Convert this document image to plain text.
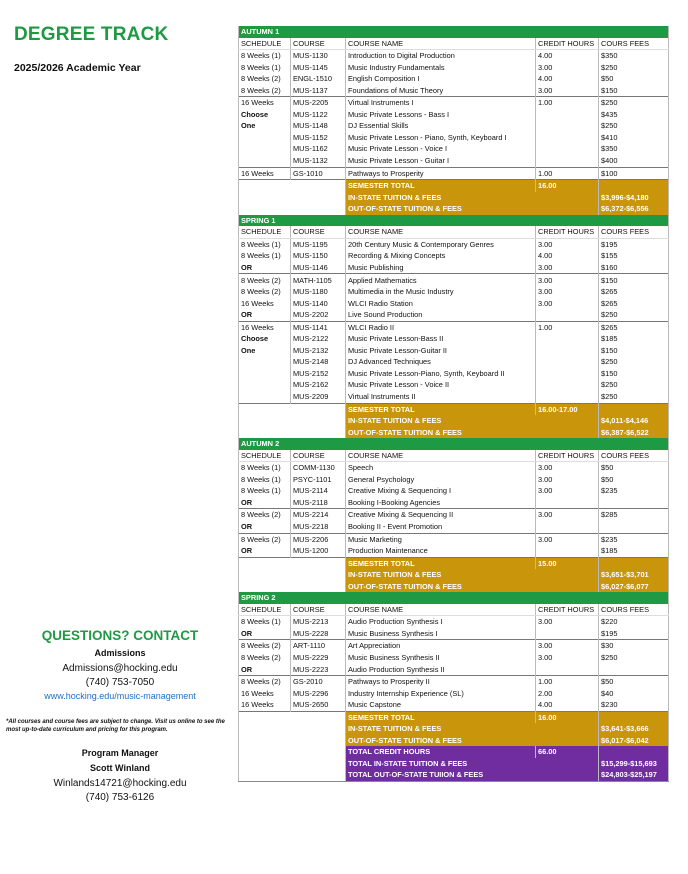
DEGREE TRACK
2025/2026 Academic Year
QUESTIONS? CONTACT
Admissions
Admissions@hocking.edu
(740) 753-7050
www.hocking.edu/music-management
*All courses and course fees are subject to change. Visit us online to see the most up-to-date curriculum and pricing for this program.
Program Manager
Scott Winland
Winlands14721@hocking.edu
(740) 753-6126
AUTUMN 1				
SCHEDULE	COURSE	COURSE NAME	CREDIT HOURS	COURS FEES
8 Weeks (1)	MUS-1130	Introduction to Digital Production	4.00	$350
8 Weeks (1)	MUS-1145	Music Industry Fundamentals	3.00	$250
8 Weeks (2)	ENGL-1510	English Composition I	4.00	$50
8 Weeks (2)	MUS-1137	Foundations of Music Theory	3.00	$150
16 Weeks	MUS-2205	Virtual Instruments I	1.00	$250
Choose	MUS-1122	Music Private Lessons - Bass I		$435
One	MUS-1148	DJ Essential Skills		$250
	MUS-1152	Music Private Lesson - Piano, Synth, Keyboard I		$410
	MUS-1162	Music Private Lesson - Voice I		$350
	MUS-1132	Music Private Lesson - Guitar I		$400
16 Weeks	GS-1010	Pathways to Prosperity	1.00	$100
		SEMESTER TOTAL	16.00	
		IN-STATE TUITION & FEES		$3,996-$4,180
		OUT-OF-STATE TUITION & FEES		$6,372-$6,556
SPRING 1				
SCHEDULE	COURSE	COURSE NAME	CREDIT HOURS	COURS FEES
8 Weeks (1)	MUS-1195	20th Century Music & Contemporary Genres	3.00	$195
8 Weeks (1)	MUS-1150	Recording & Mixing Concepts	4.00	$155
OR	MUS-1146	Music Publishing	3.00	$160
8 Weeks (2)	MATH-1105	Applied Mathematics	3.00	$150
8 Weeks (2)	MUS-1180	Multimedia in the Music Industry	3.00	$265
16 Weeks	MUS-1140	WLCI Radio Station	3.00	$265
OR	MUS-2202	Live Sound Production		$250
16 Weeks	MUS-1141	WLCI Radio II	1.00	$265
Choose	MUS-2122	Music Private Lesson-Bass II		$185
One	MUS-2132	Music Private Lesson-Guitar II		$150
	MUS-2148	DJ Advanced Techniques		$250
	MUS-2152	Music Private Lesson-Piano, Synth, Keyboard II		$150
	MUS-2162	Music Private Lesson - Voice II		$250
	MUS-2209	Virtual Instruments II		$250
		SEMESTER TOTAL	16.00-17.00	
		IN-STATE TUITION & FEES		$4,011-$4,146
		OUT-OF-STATE TUITION & FEES		$6,387-$6,522
AUTUMN 2				
SCHEDULE	COURSE	COURSE NAME	CREDIT HOURS	COURS FEES
8 Weeks (1)	COMM-1130	Speech	3.00	$50
8 Weeks (1)	PSYC-1101	General Psychology	3.00	$50
8 Weeks (1)	MUS-2114	Creative Mixing & Sequencing I	3.00	$235
OR	MUS-2118	Booking I-Booking Agencies		
8 Weeks (2)	MUS-2214	Creative Mixing & Sequencing II	3.00	$285
OR	MUS-2218	Booking II - Event Promotion		
8 Weeks (2)	MUS-2206	Music Marketing	3.00	$235
OR	MUS-1200	Production Maintenance		$185
		SEMESTER TOTAL	15.00	
		IN-STATE TUITION & FEES		$3,651-$3,701
		OUT-OF-STATE TUITION & FEES		$6,027-$6,077
SPRING 2				
SCHEDULE	COURSE	COURSE NAME	CREDIT HOURS	COURS FEES
8 Weeks (1)	MUS-2213	Audio Production Synthesis I	3.00	$220
OR	MUS-2228	Music Business Synthesis I		$195
8 Weeks (2)	ART-1110	Art Appreciation	3.00	$30
8 Weeks (2)	MUS-2229	Music Business Synthesis II	3.00	$250
OR	MUS-2223	Audio Production Synthesis II		
8 Weeks (2)	GS-2010	Pathways to Prosperity II	1.00	$50
16 Weeks	MUS-2296	Industry Internship Experience (SL)	2.00	$40
16 Weeks	MUS-2650	Music Capstone	4.00	$230
		SEMESTER TOTAL	16.00	
		IN-STATE TUITION & FEES		$3,641-$3,666
		OUT-OF-STATE TUITION & FEES		$6,017-$6,042
		TOTAL CREDIT HOURS	66.00	
		TOTAL IN-STATE TUITION & FEES		$15,299-$15,693
		TOTAL OUT-OF-STATE TUIION & FEES		$24,803-$25,197
